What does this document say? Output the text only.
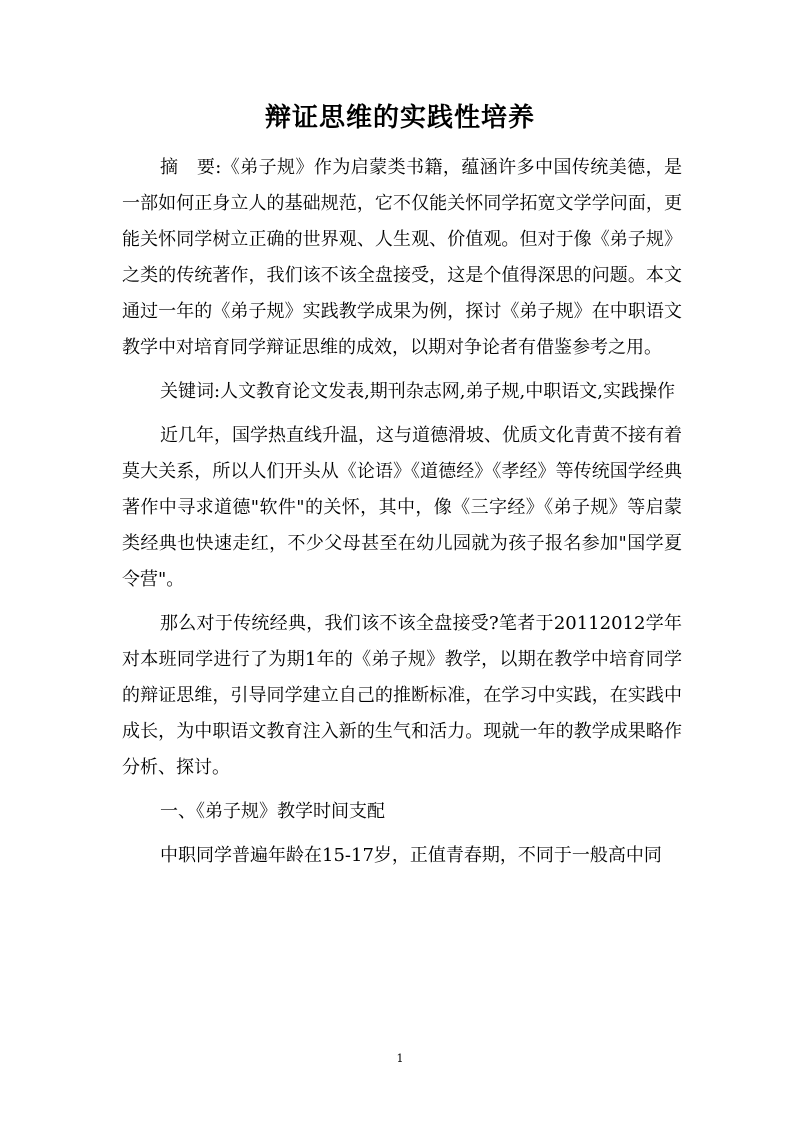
辩证思维的实践性培养

摘　要:《弟子规》作为启蒙类书籍，蕴涵许多中国传统美德，是一部如何正身立人的基础规范，它不仅能关怀同学拓宽文学学问面，更能关怀同学树立正确的世界观、人生观、价值观。但对于像《弟子规》之类的传统著作，我们该不该全盘接受，这是个值得深思的问题。本文通过一年的《弟子规》实践教学成果为例，探讨《弟子规》在中职语文教学中对培育同学辩证思维的成效，以期对争论者有借鉴参考之用。

关键词:人文教育论文发表,期刊杂志网,弟子规,中职语文,实践操作

近几年，国学热直线升温，这与道德滑坡、优质文化青黄不接有着莫大关系，所以人们开头从《论语》《道德经》《孝经》等传统国学经典著作中寻求道德"软件"的关怀，其中，像《三字经》《弟子规》等启蒙类经典也快速走红，不少父母甚至在幼儿园就为孩子报名参加"国学夏令营"。

那么对于传统经典，我们该不该全盘接受?笔者于20112012学年对本班同学进行了为期1年的《弟子规》教学，以期在教学中培育同学的辩证思维，引导同学建立自己的推断标准，在学习中实践，在实践中成长，为中职语文教育注入新的生气和活力。现就一年的教学成果略作分析、探讨。

一、《弟子规》教学时间支配

中职同学普遍年龄在15-17岁，正值青春期，不同于一般高中同

1
